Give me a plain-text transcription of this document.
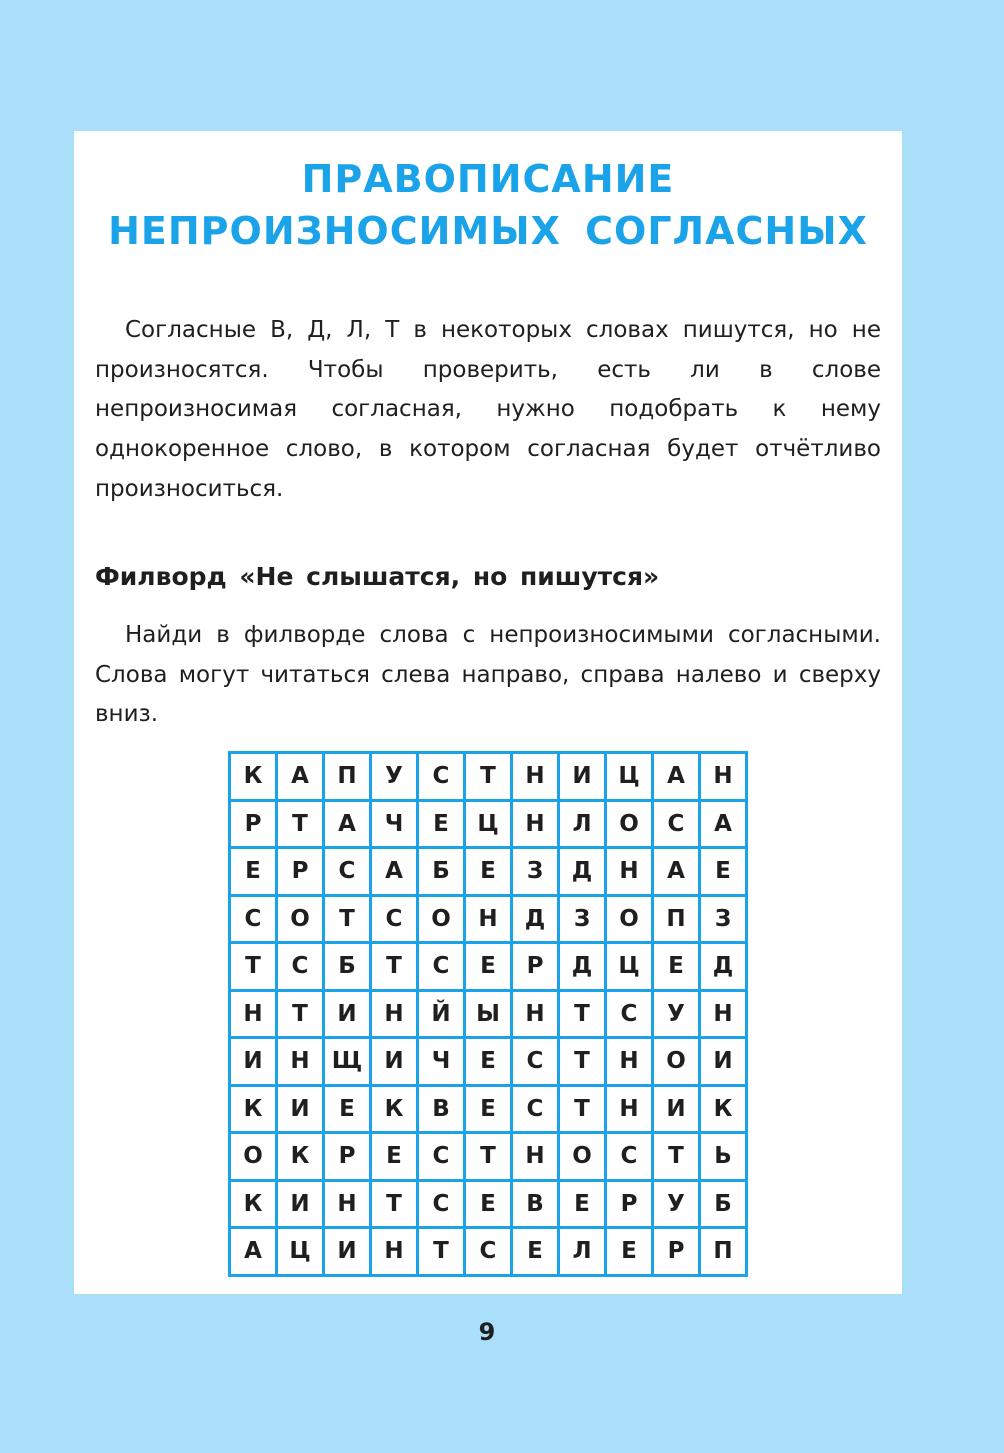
ПРАВОПИСАНИЕ
НЕПРОИЗНОСИМЫХ СОГЛАСНЫХ

Согласные В, Д, Л, Т в некоторых словах пишутся, но не произносятся. Чтобы проверить, есть ли в слове непроизносимая согласная, нужно подобрать к нему однокоренное слово, в котором согласная будет отчётливо произноситься.

Филворд «Не слышатся, но пишутся»

Найди в филворде слова с непроизносимыми согласными. Слова могут читаться слева направо, справа налево и сверху вниз.

К	А	П	У	С	Т	Н	И	Ц	А	Н
Р	Т	А	Ч	Е	Ц	Н	Л	О	С	А
Е	Р	С	А	Б	Е	З	Д	Н	А	Е
С	О	Т	С	О	Н	Д	З	О	П	З
Т	С	Б	Т	С	Е	Р	Д	Ц	Е	Д
Н	Т	И	Н	Й	Ы	Н	Т	С	У	Н
И	Н	Щ	И	Ч	Е	С	Т	Н	О	И
К	И	Е	К	В	Е	С	Т	Н	И	К
О	К	Р	Е	С	Т	Н	О	С	Т	Ь
К	И	Н	Т	С	Е	В	Е	Р	У	Б
А	Ц	И	Н	Т	С	Е	Л	Е	Р	П
9
